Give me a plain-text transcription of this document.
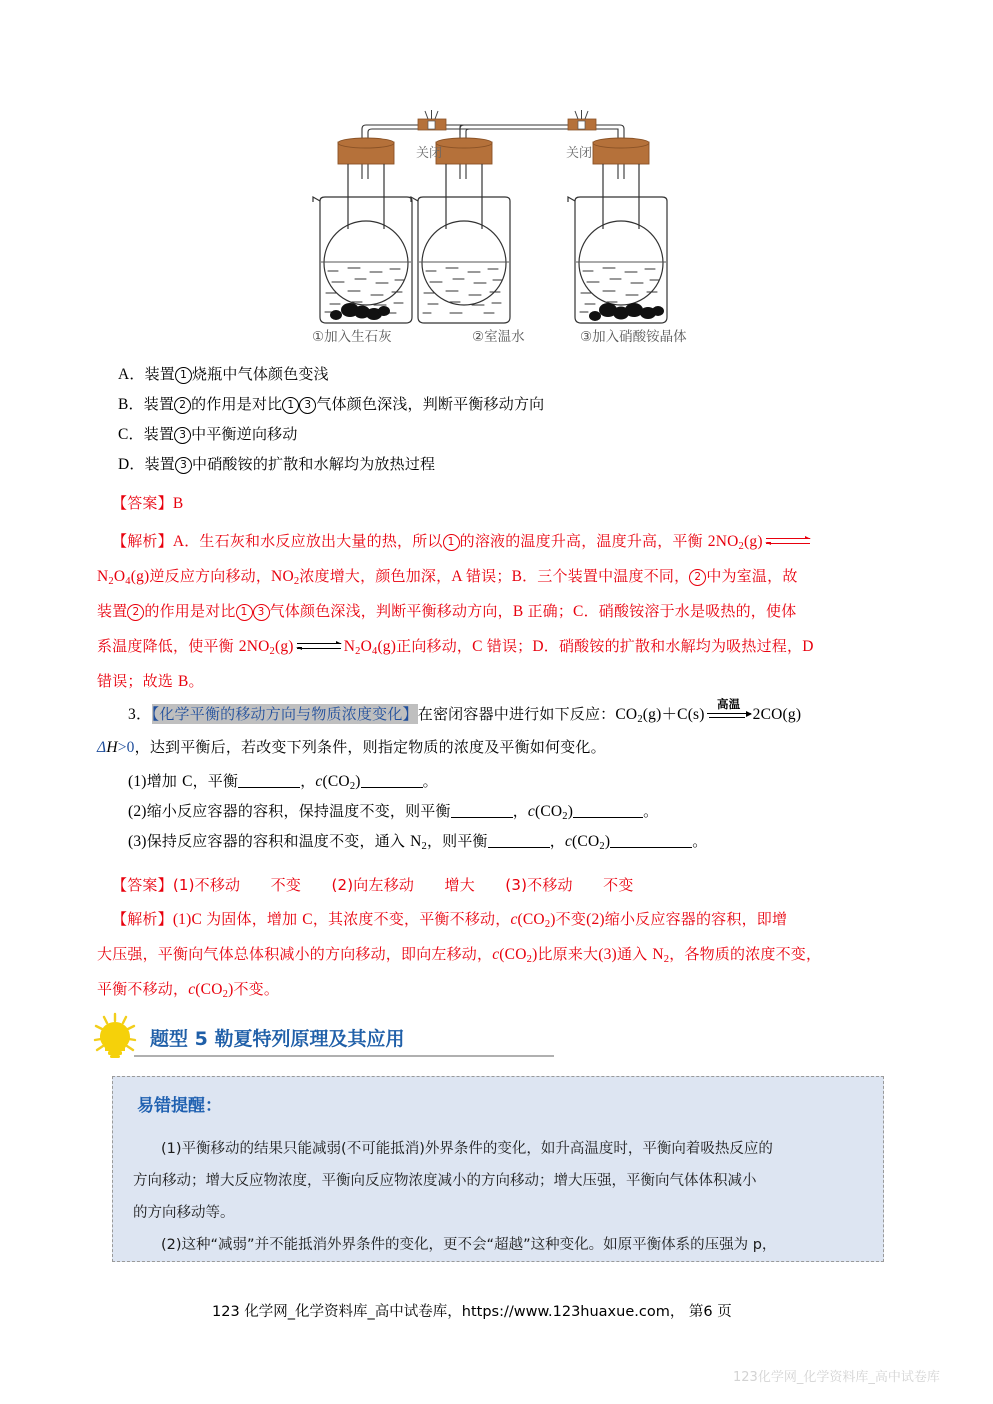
关闭	关闭
①加入生石灰	②室温水	③加入硝酸铵晶体
A．装置 1 烧瓶中气体颜色变浅
B．装置 2 的作用是对比 1 3 气体颜色深浅，判断平衡移动方向
C．装置 3 中平衡逆向移动
D．装置 3 中硝酸铵的扩散和水解均为放热过程
【答案】B
【解析】A．生石灰和水反应放出大量的热，所以 1 的溶液的温度升高，温度升高，平衡 $2NO_2(g)$
$N_2O_4(g)$逆反应方向移动，$NO_2$浓度增大，颜色加深，A 错误；B．三个装置中温度不同， 2 中为室温，故
装置 2 的作用是对比 1 3 气体颜色深浅，判断平衡移动方向，B 正确；C．硝酸铵溶于水是吸热的，使体
系温度降低，使平衡 $2NO_2(g)$	$N_2O_4(g)$正向移动，C 错误；D．硝酸铵的扩散和水解均为吸热过程，D
错误；故选 B。
3．【化学平衡的移动方向与物质浓度变化】在密闭容器中进行如下反应：$CO_2(g)+C(s)$
高温
2CO(g)
ΔH>0，达到平衡后，若改变下列条件，则指定物质的浓度及平衡如何变化。
(1)增加 C，平衡	，$c(CO_2)$	。
(2)缩小反应容器的容积，保持温度不变，则平衡	，$c(CO_2)$	。
(3)保持反应容器的容积和温度不变，通入 $N_2$，则平衡	，$c(CO_2)$	。
【答案】(1)不移动　　不变　　(2)向左移动　　增大　　(3)不移动　　不变
【解析】(1)C 为固体，增加 C，其浓度不变，平衡不移动，$c(CO_2)$不变(2)缩小反应容器的容积，即增
大压强，平衡向气体总体积减小的方向移动，即向左移动，$c(CO_2)$比原来大(3)通入 $N_2$，各物质的浓度不变，
平衡不移动，$c(CO_2)$不变。
题型 5 勒夏特列原理及其应用
易错提醒：
(1)平衡移动的结果只能减弱(不可能抵消)外界条件的变化，如升高温度时，平衡向着吸热反应的
方向移动；增大反应物浓度，平衡向反应物浓度减小的方向移动；增大压强，平衡向气体体积减小
的方向移动等。
(2)这种“减弱”并不能抵消外界条件的变化，更不会“超越”这种变化。如原平衡体系的压强为 p，
123 化学网_化学资料库_高中试卷库，https://www.123huaxue.com， 第6 页
123化学网_化学资料库_高中试卷库
